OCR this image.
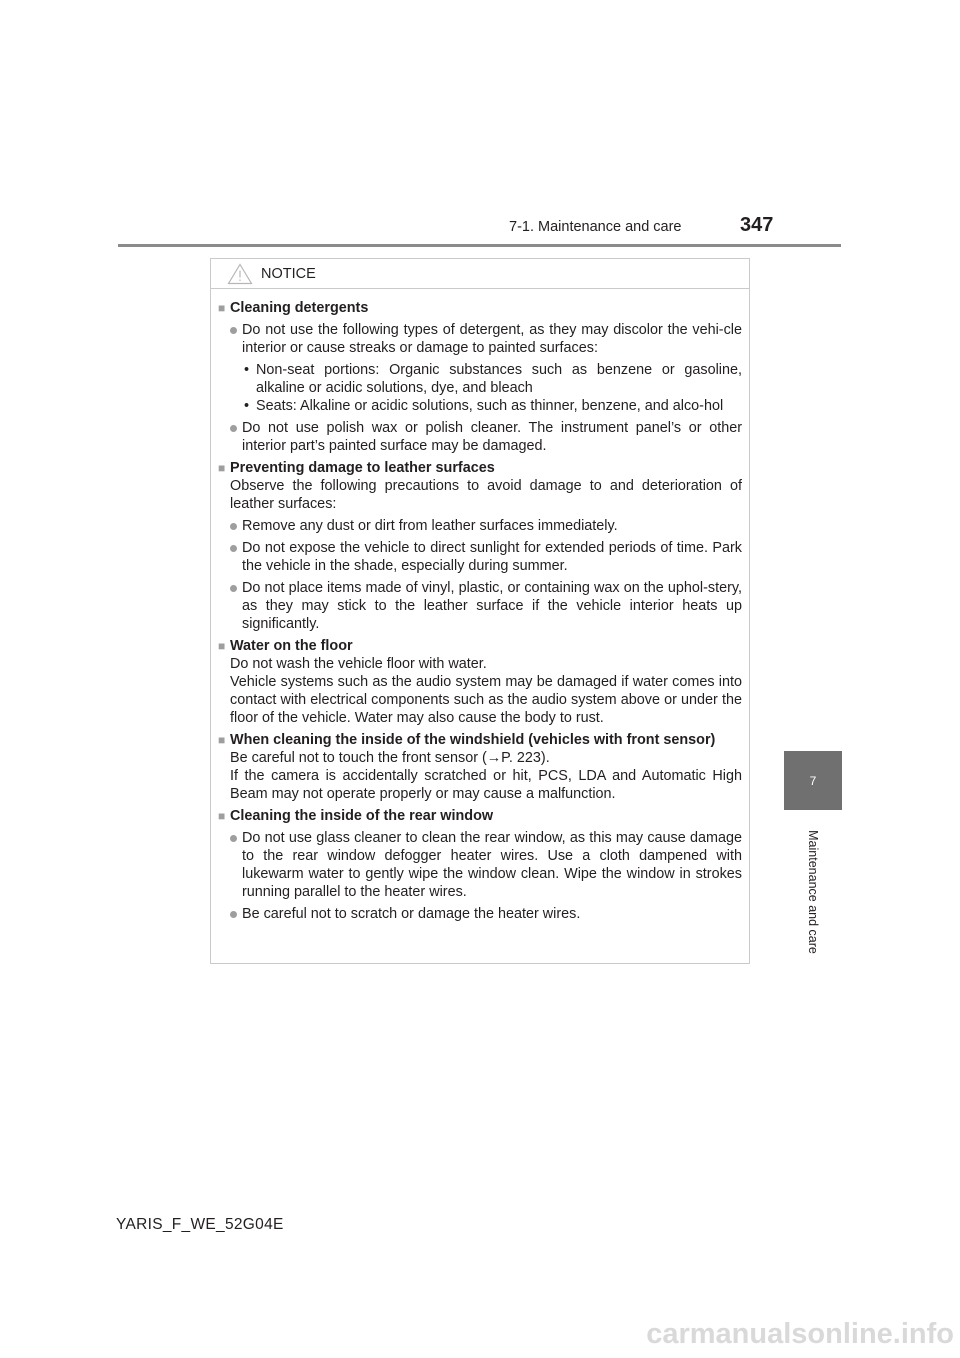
7-1. Maintenance and care	347
7
Maintenance and care
NOTICE
■ Cleaning detergents
Do not use the following types of detergent, as they may discolor the vehi-cle interior or cause streaks or damage to painted surfaces:
• Non-seat portions: Organic substances such as benzene or gasoline, alkaline or acidic solutions, dye, and bleach
• Seats: Alkaline or acidic solutions, such as thinner, benzene, and alco-hol
Do not use polish wax or polish cleaner. The instrument panel’s or other interior part’s painted surface may be damaged.
■ Preventing damage to leather surfaces
Observe the following precautions to avoid damage to and deterioration of leather surfaces:
Remove any dust or dirt from leather surfaces immediately.
Do not expose the vehicle to direct sunlight for extended periods of time. Park the vehicle in the shade, especially during summer.
Do not place items made of vinyl, plastic, or containing wax on the uphol-stery, as they may stick to the leather surface if the vehicle interior heats up significantly.
■ Water on the floor
Do not wash the vehicle floor with water.
Vehicle systems such as the audio system may be damaged if water comes into contact with electrical components such as the audio system above or under the floor of the vehicle. Water may also cause the body to rust.
■ When cleaning the inside of the windshield (vehicles with front sensor)
Be careful not to touch the front sensor (→P. 223).
If the camera is accidentally scratched or hit, PCS, LDA and Automatic High Beam may not operate properly or may cause a malfunction.
■ Cleaning the inside of the rear window
Do not use glass cleaner to clean the rear window, as this may cause damage to the rear window defogger heater wires. Use a cloth dampened with lukewarm water to gently wipe the window clean. Wipe the window in strokes running parallel to the heater wires.
Be careful not to scratch or damage the heater wires.
YARIS_F_WE_52G04E
carmanualsonline.info
